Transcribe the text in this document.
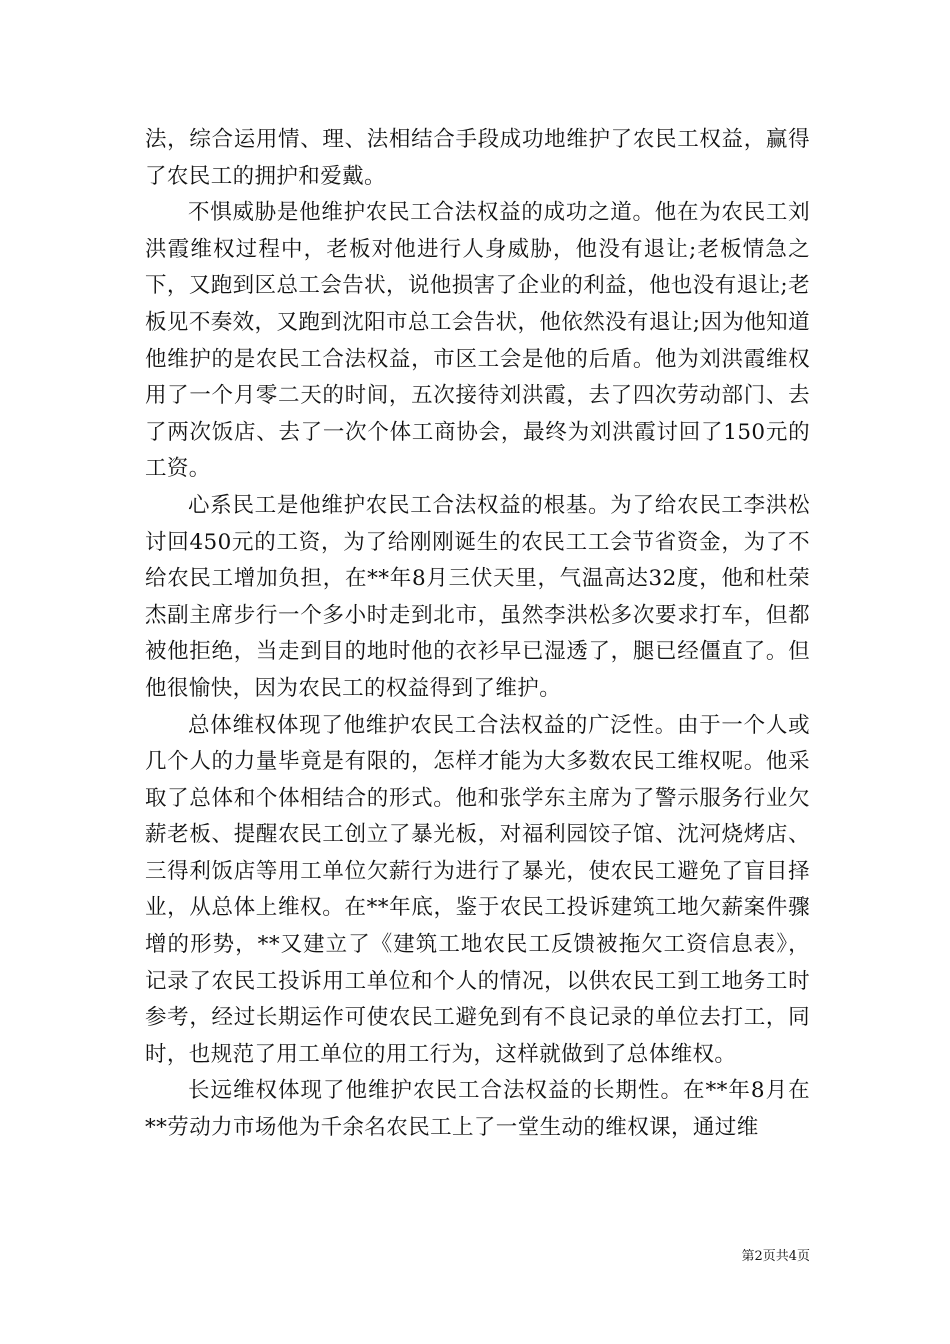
法，综合运用情、理、法相结合手段成功地维护了农民工权益，赢得了农民工的拥护和爱戴。

不惧威胁是他维护农民工合法权益的成功之道。他在为农民工刘洪霞维权过程中，老板对他进行人身威胁，他没有退让;老板情急之下，又跑到区总工会告状，说他损害了企业的利益，他也没有退让;老板见不奏效，又跑到沈阳市总工会告状，他依然没有退让;因为他知道他维护的是农民工合法权益，市区工会是他的后盾。他为刘洪霞维权用了一个月零二天的时间，五次接待刘洪霞，去了四次劳动部门、去了两次饭店、去了一次个体工商协会，最终为刘洪霞讨回了150元的工资。

心系民工是他维护农民工合法权益的根基。为了给农民工李洪松讨回450元的工资，为了给刚刚诞生的农民工工会节省资金，为了不给农民工增加负担，在**年8月三伏天里，气温高达32度，他和杜荣杰副主席步行一个多小时走到北市，虽然李洪松多次要求打车，但都被他拒绝，当走到目的地时他的衣衫早已湿透了，腿已经僵直了。但他很愉快，因为农民工的权益得到了维护。

总体维权体现了他维护农民工合法权益的广泛性。由于一个人或几个人的力量毕竟是有限的，怎样才能为大多数农民工维权呢。他采取了总体和个体相结合的形式。他和张学东主席为了警示服务行业欠薪老板、提醒农民工创立了暴光板，对福利园饺子馆、沈河烧烤店、三得利饭店等用工单位欠薪行为进行了暴光，使农民工避免了盲目择业，从总体上维权。在**年底，鉴于农民工投诉建筑工地欠薪案件骤增的形势，**又建立了《建筑工地农民工反馈被拖欠工资信息表》，记录了农民工投诉用工单位和个人的情况，以供农民工到工地务工时参考，经过长期运作可使农民工避免到有不良记录的单位去打工，同时，也规范了用工单位的用工行为，这样就做到了总体维权。

长远维权体现了他维护农民工合法权益的长期性。在**年8月在**劳动力市场他为千余名农民工上了一堂生动的维权课，通过维

第2页共4页
